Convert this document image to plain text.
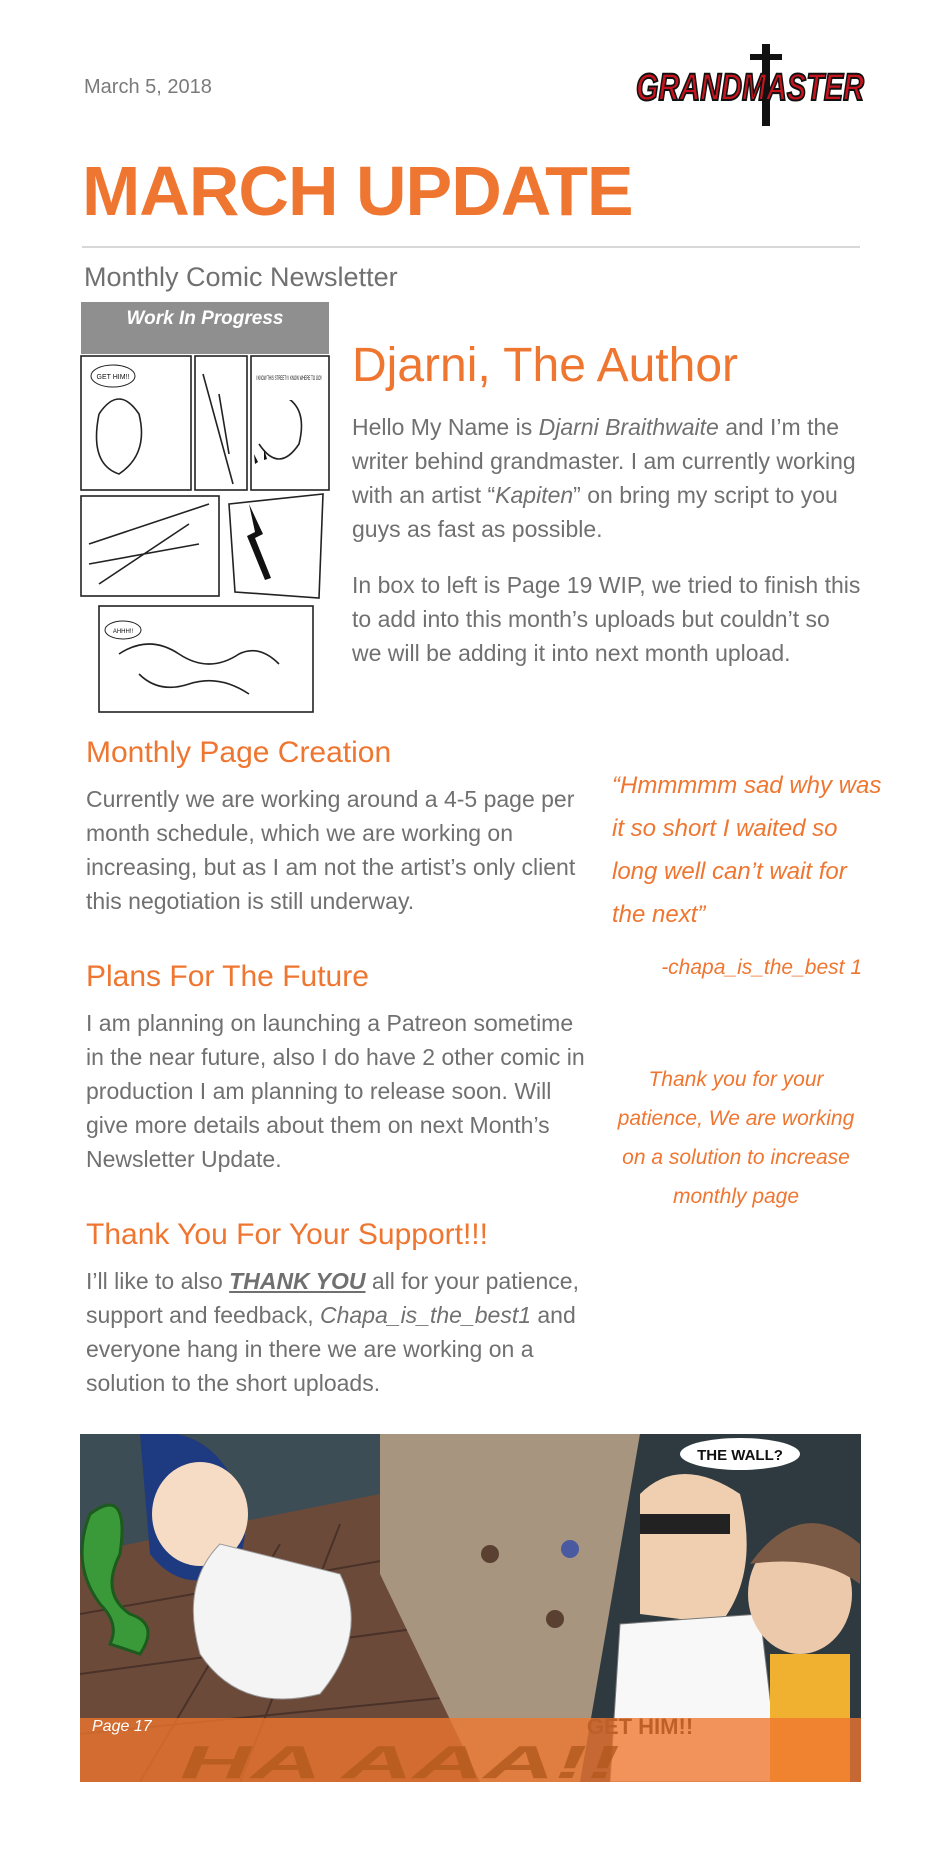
March 5, 2018	GRANDMASTER
MARCH UPDATE
Monthly Comic Newsletter
Work In Progress
GET HIM!!	I KNOW THIS STREET!! I KNOW WHERE TO GO!!
AHHH!!
Djarni, The Author
Hello My Name is Djarni Braithwaite and I’m the writer behind grandmaster. I am currently working with an artist “Kapiten” on bring my script to you guys as fast as possible.
In box to left is Page 19 WIP, we tried to finish this to add into this month’s uploads but couldn’t so we will be adding it into next month upload.
Monthly Page Creation
Currently we are working around a 4-5 page per month schedule, which we are working on increasing, but as I am not the artist’s only client this negotiation is still underway.
Plans For The Future
I am planning on launching a Patreon sometime in the near future, also I do have 2 other comic in production I am planning to release soon. Will give more details about them on next Month’s Newsletter Update.
Thank You For Your Support!!!
I’ll like to also THANK YOU all for your patience, support and feedback, Chapa_is_the_best1 and everyone hang in there we are working on a solution to the short uploads.
“Hmmmmm sad why was it so short I waited so long well can’t wait for the next”
-chapa_is_the_best 1
Thank you for your patience, We are working on a solution to increase monthly page
THE WALL?
HA AAA!!
Page 17
